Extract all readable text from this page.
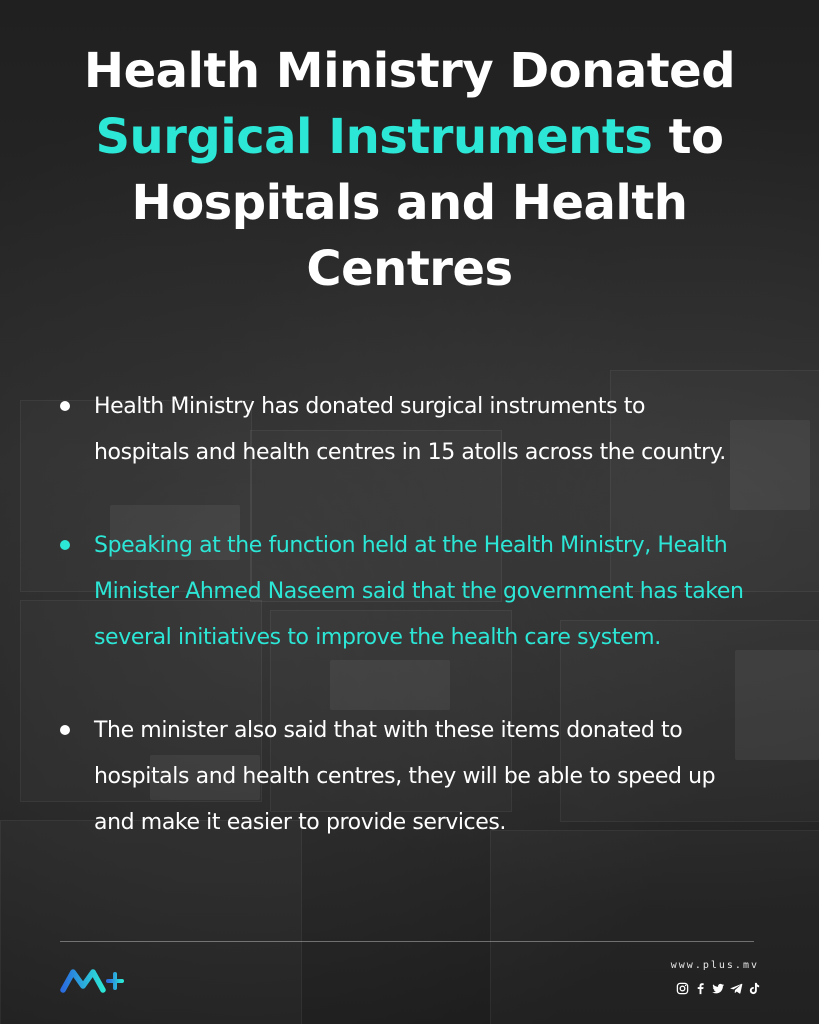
Health Ministry Donated Surgical Instruments to Hospitals and Health Centres
Health Ministry has donated surgical instruments to hospitals and health centres in 15 atolls across the country.
Speaking at the function held at the Health Ministry, Health Minister Ahmed Naseem said that the government has taken several initiatives to improve the health care system.
The minister also said that with these items donated to hospitals and health centres, they will be able to speed up and make it easier to provide services.
www.plus.mv
